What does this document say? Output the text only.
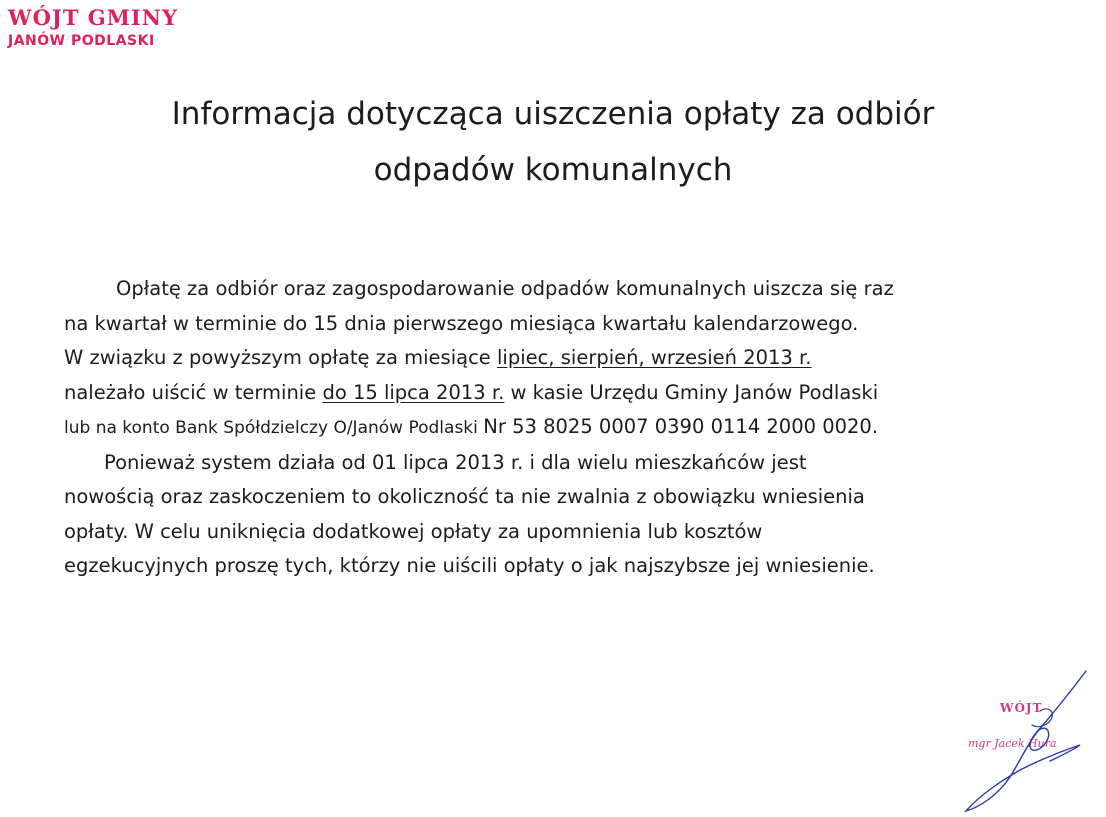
WÓJT GMINY
JANÓW PODLASKI
Informacja dotycząca uiszczenia opłaty za odbiór
odpadów komunalnych
Opłatę za odbiór oraz zagospodarowanie odpadów komunalnych uiszcza się raz
na kwartał w terminie do 15 dnia pierwszego miesiąca kwartału kalendarzowego.
W związku z powyższym opłatę za miesiące lipiec, sierpień, wrzesień 2013 r.
należało uiścić w terminie do 15 lipca 2013 r. w kasie Urzędu Gminy Janów Podlaski
lub na konto Bank Spółdzielczy O/Janów Podlaski Nr 53 8025 0007 0390 0114 2000 0020.
Ponieważ system działa od 01 lipca 2013 r. i dla wielu mieszkańców jest
nowością oraz zaskoczeniem to okoliczność ta nie zwalnia z obowiązku wniesienia
opłaty. W celu uniknięcia dodatkowej opłaty za upomnienia lub kosztów
egzekucyjnych proszę tych, którzy nie uiścili opłaty o jak najszybsze jej wniesienie.
WÓJT
mgr Jacek Hura
